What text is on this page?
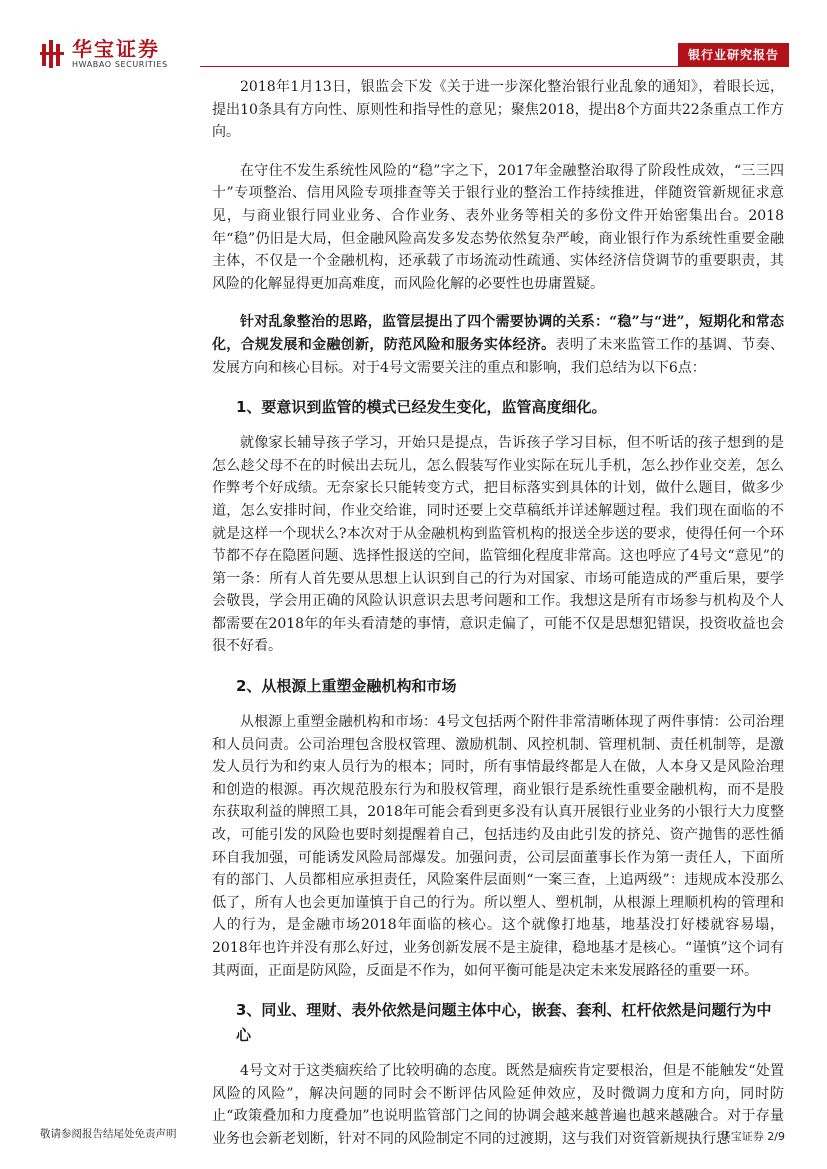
华宝证券
HWABAO SECURITIES
银行业研究报告

2018年1月13日，银监会下发《关于进一步深化整治银行业乱象的通知》，着眼长远，提出10条具有方向性、原则性和指导性的意见；聚焦2018，提出8个方面共22条重点工作方向。

在守住不发生系统性风险的“稳”字之下，2017年金融整治取得了阶段性成效，“三三四十”专项整治、信用风险专项排查等关于银行业的整治工作持续推进，伴随资管新规征求意见，与商业银行同业业务、合作业务、表外业务等相关的多份文件开始密集出台。2018年“稳”仍旧是大局，但金融风险高发多发态势依然复杂严峻，商业银行作为系统性重要金融主体，不仅是一个金融机构，还承载了市场流动性疏通、实体经济信贷调节的重要职责，其风险的化解显得更加高难度，而风险化解的必要性也毋庸置疑。

针对乱象整治的思路，监管层提出了四个需要协调的关系：“稳”与“进”，短期化和常态化，合规发展和金融创新，防范风险和服务实体经济。表明了未来监管工作的基调、节奏、发展方向和核心目标。对于4号文需要关注的重点和影响，我们总结为以下6点：

1、要意识到监管的模式已经发生变化，监管高度细化。

就像家长辅导孩子学习，开始只是提点，告诉孩子学习目标，但不听话的孩子想到的是怎么趁父母不在的时候出去玩儿，怎么假装写作业实际在玩儿手机，怎么抄作业交差，怎么作弊考个好成绩。无奈家长只能转变方式，把目标落实到具体的计划，做什么题目，做多少道，怎么安排时间，作业交给谁，同时还要上交草稿纸并详述解题过程。我们现在面临的不就是这样一个现状么?本次对于从金融机构到监管机构的报送全步送的要求，使得任何一个环节都不存在隐匿问题、选择性报送的空间，监管细化程度非常高。这也呼应了4号文“意见”的第一条：所有人首先要从思想上认识到自己的行为对国家、市场可能造成的严重后果，要学会敬畏，学会用正确的风险认识意识去思考问题和工作。我想这是所有市场参与机构及个人都需要在2018年的年头看清楚的事情，意识走偏了，可能不仅是思想犯错误，投资收益也会很不好看。

2、从根源上重塑金融机构和市场

从根源上重塑金融机构和市场：4号文包括两个附件非常清晰体现了两件事情：公司治理和人员问责。公司治理包含股权管理、激励机制、风控机制、管理机制、责任机制等，是激发人员行为和约束人员行为的根本；同时，所有事情最终都是人在做，人本身又是风险治理和创造的根源。再次规范股东行为和股权管理，商业银行是系统性重要金融机构，而不是股东获取利益的牌照工具，2018年可能会看到更多没有认真开展银行业业务的小银行大力度整改，可能引发的风险也要时刻提醒着自己，包括违约及由此引发的挤兑、资产抛售的恶性循环自我加强，可能诱发风险局部爆发。加强问责，公司层面董事长作为第一责任人，下面所有的部门、人员都相应承担责任，风险案件层面则“一案三查，上追两级”：违规成本没那么低了，所有人也会更加谨慎于自己的行为。所以塑人、塑机制，从根源上理顺机构的管理和人的行为，是金融市场2018年面临的核心。这个就像打地基，地基没打好楼就容易塌，2018年也许并没有那么好过，业务创新发展不是主旋律，稳地基才是核心。“谨慎”这个词有其两面，正面是防风险，反面是不作为，如何平衡可能是决定未来发展路径的重要一环。

3、同业、理财、表外依然是问题主体中心，嵌套、套利、杠杆依然是问题行为中心

4号文对于这类痼疾给了比较明确的态度。既然是痼疾肯定要根治，但是不能触发“处置风险的风险”，解决问题的同时会不断评估风险延伸效应，及时微调力度和方向，同时防止“政策叠加和力度叠加”也说明监管部门之间的协调会越来越普遍也越来越融合。对于存量业务也会新老划断，针对不同的风险制定不同的过渡期，这与我们对资管新规执行思

敬请参阅报告结尾处免责声明	华宝证券 2/9
